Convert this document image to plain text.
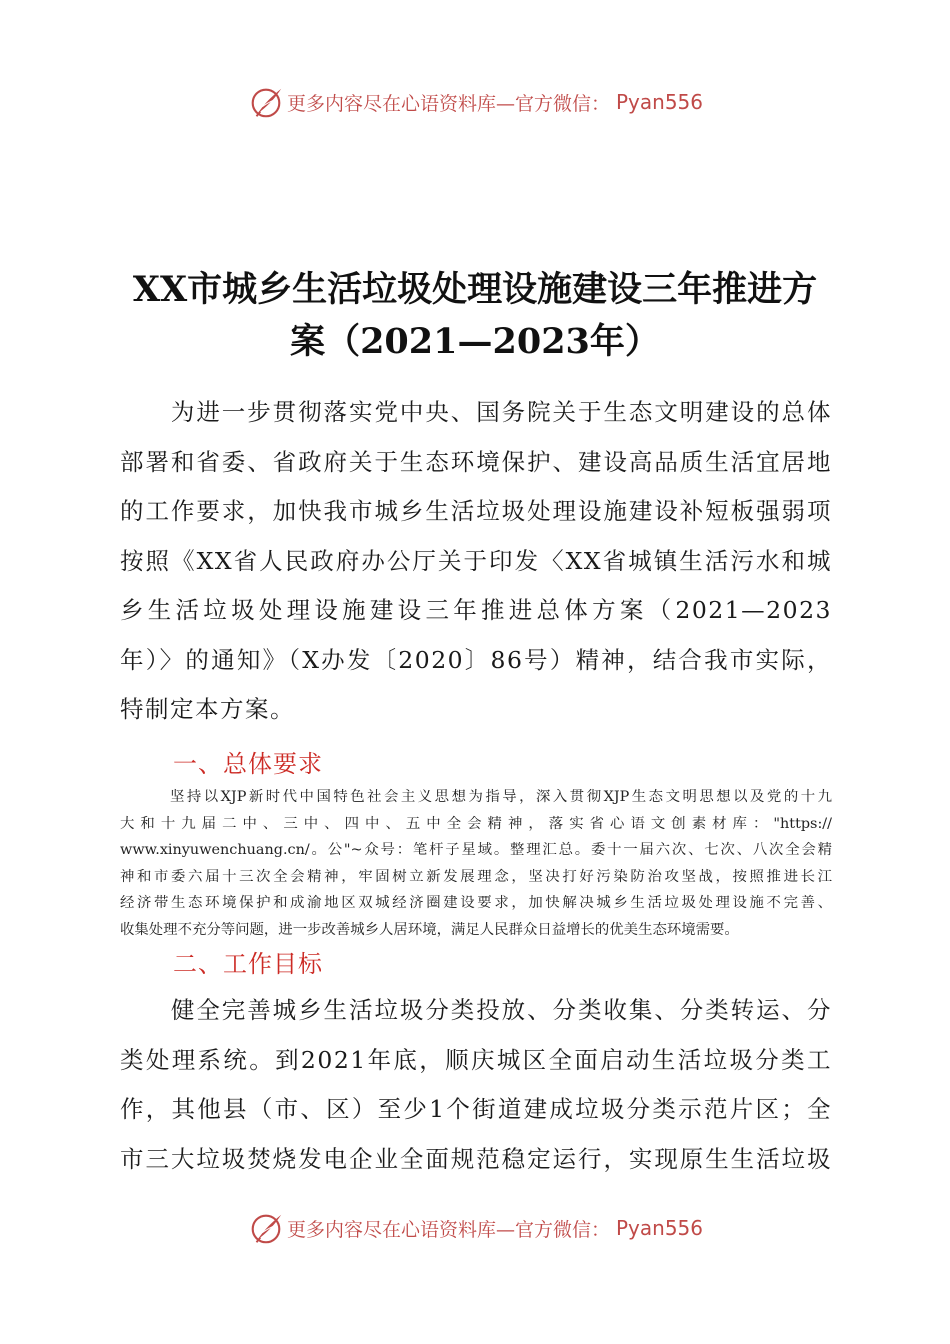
更多内容尽在心语资料库—官方微信： Pyan556
XX市城乡生活垃圾处理设施建设三年推进方
案（2021—2023年）
　　为进一步贯彻落实党中央、国务院关于生态文明建设的总体
部署和省委、省政府关于生态环境保护、建设高品质生活宜居地
的工作要求，加快我市城乡生活垃圾处理设施建设补短板强弱项
按照《XX省人民政府办公厅关于印发〈XX省城镇生活污水和城
乡生活垃圾处理设施建设三年推进总体方案（2021—2023
年）〉的通知》（X办发〔2020〕86号）精神，结合我市实际，
特制定本方案。
一、总体要求
坚持以XJP新时代中国特色社会主义思想为指导，深入贯彻XJP生态文明思想以及党的十九
大和十九届二中、三中、四中、五中全会精神，落实省心语文创素材库："https://
www.xinyuwenchuang.cn/。公"~众号：笔杆子星域。整理汇总。委十一届六次、七次、八次全会精
神和市委六届十三次全会精神，牢固树立新发展理念，坚决打好污染防治攻坚战，按照推进长江
经济带生态环境保护和成渝地区双城经济圈建设要求，加快解决城乡生活垃圾处理设施不完善、
收集处理不充分等问题，进一步改善城乡人居环境，满足人民群众日益增长的优美生态环境需要。
二、工作目标
　　健全完善城乡生活垃圾分类投放、分类收集、分类转运、分
类处理系统。到2021年底，顺庆城区全面启动生活垃圾分类工
作，其他县（市、区）至少1个街道建成垃圾分类示范片区；全
市三大垃圾焚烧发电企业全面规范稳定运行，实现原生生活垃圾
更多内容尽在心语资料库—官方微信： Pyan556
